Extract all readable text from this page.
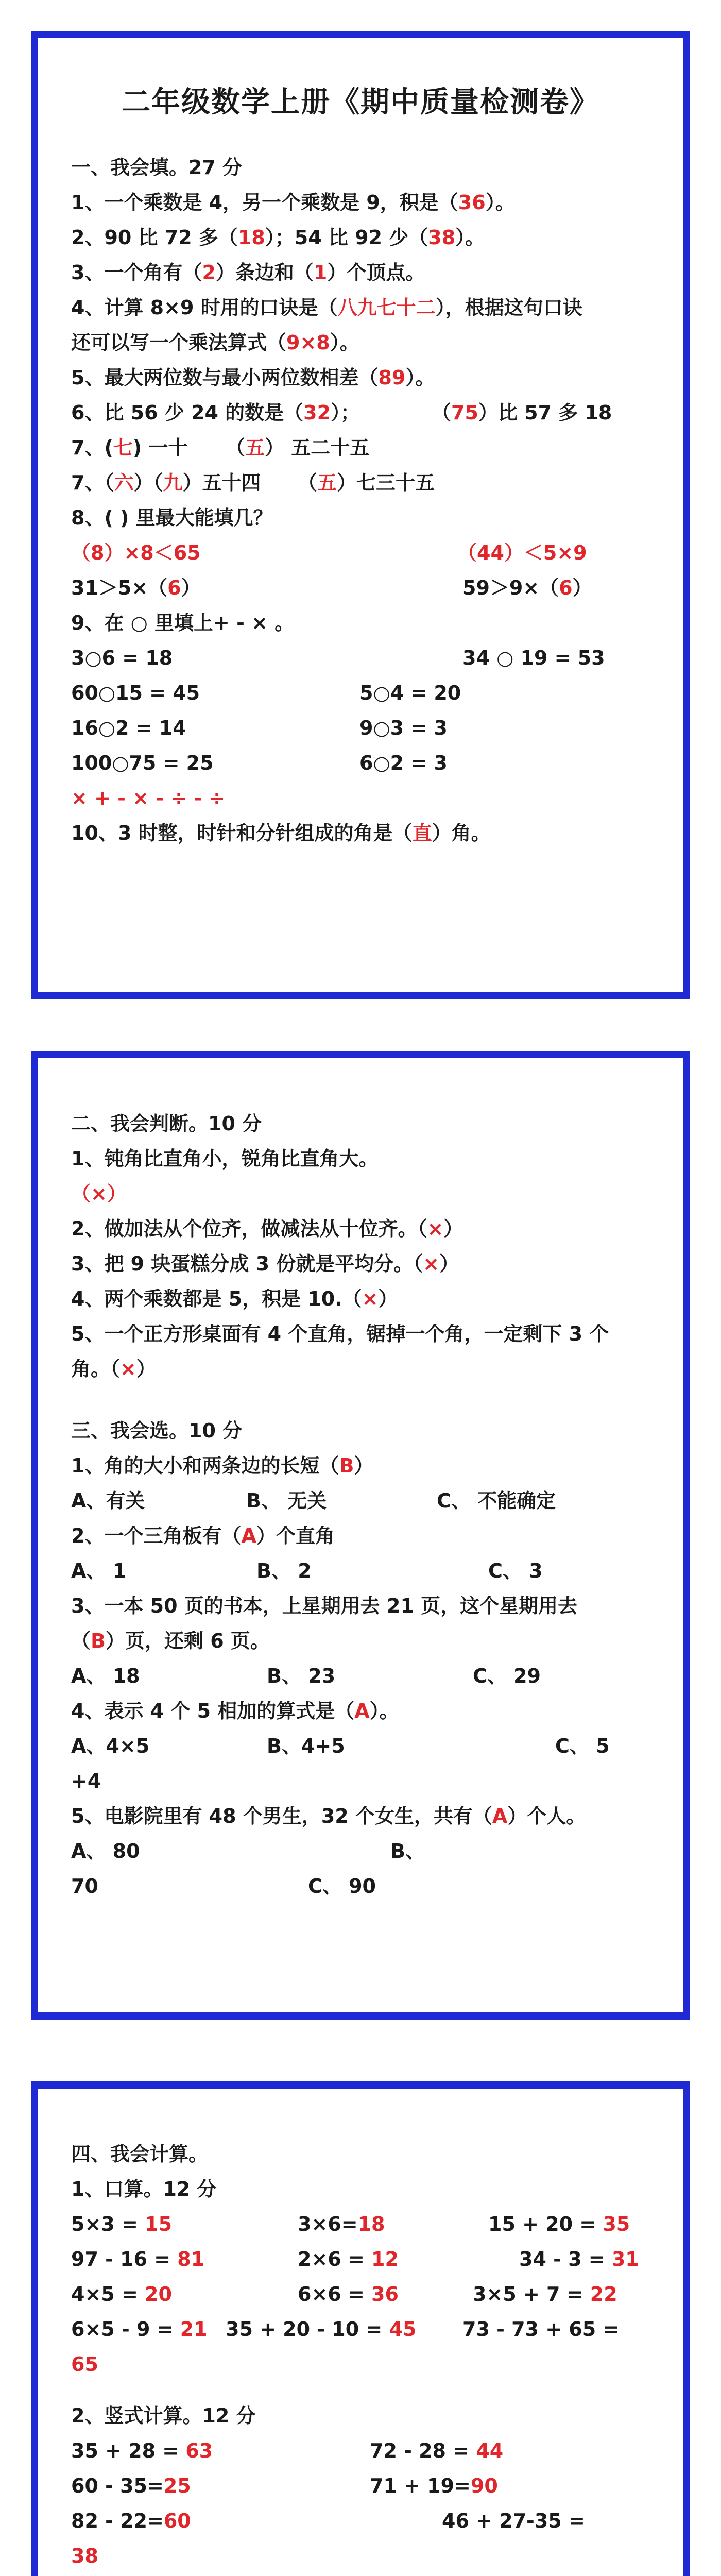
二年级数学上册《期中质量检测卷》
一、我会填。27 分
1、一个乘数是 4，另一个乘数是 9，积是（36）。
2、90 比 72 多（18）；54 比 92 少（38）。
3、一个角有（2）条边和（1）个顶点。
4、计算 8×9 时用的口诀是（八九七十二），根据这句口诀
还可以写一个乘法算式（9×8）。
5、最大两位数与最小两位数相差（89）。
6、比 56 少 24 的数是（32）；	（75）比 57 多 18
7、(七) 一十	（五） 五二十五
7、（六）（九）五十四	（五）七三十五
8、( ) 里最大能填几？
（8）×8＜65	（44）＜5×9
31＞5×（6）	59＞9×（6）
9、在 ○ 里填上+ - × 。
3○6 = 18	34 ○ 19 = 53
60○15 = 45	5○4 = 20
16○2 = 14	9○3 = 3
100○75 = 25	6○2 = 3
× + - × - ÷ - ÷
10、3 时整，时针和分针组成的角是（直）角。
二、我会判断。10 分
1、钝角比直角小，锐角比直角大。
（×）
2、做加法从个位齐，做减法从十位齐。（×）
3、把 9 块蛋糕分成 3 份就是平均分。（×）
4、两个乘数都是 5，积是 10.（×）
5、一个正方形桌面有 4 个直角，锯掉一个角，一定剩下 3 个
角。（×）
三、我会选。10 分
1、角的大小和两条边的长短（B）
A、有关	B、 无关	C、 不能确定
2、一个三角板有（A）个直角
A、 1	B、 2	C、 3
3、一本 50 页的书本，上星期用去 21 页，这个星期用去
（B）页，还剩 6 页。
A、 18	B、 23	C、 29
4、表示 4 个 5 相加的算式是（A）。
A、4×5	B、4+5	C、 5
+4
5、电影院里有 48 个男生，32 个女生，共有（A）个人。
A、 80	B、
70	C、 90
四、我会计算。
1、口算。12 分
5×3 = 15	3×6=18	15 + 20 = 35
97 - 16 = 81	2×6 = 12	34 - 3 = 31
4×5 = 20	6×6 = 36	3×5 + 7 = 22
6×5 - 9 = 21 35 + 20 - 10 = 45	73 - 73 + 65 =
65
2、竖式计算。12 分
35 + 28 = 63	72 - 28 = 44
60 - 35=25	71 + 19=90
82 - 22=60	46 + 27-35 =
38
